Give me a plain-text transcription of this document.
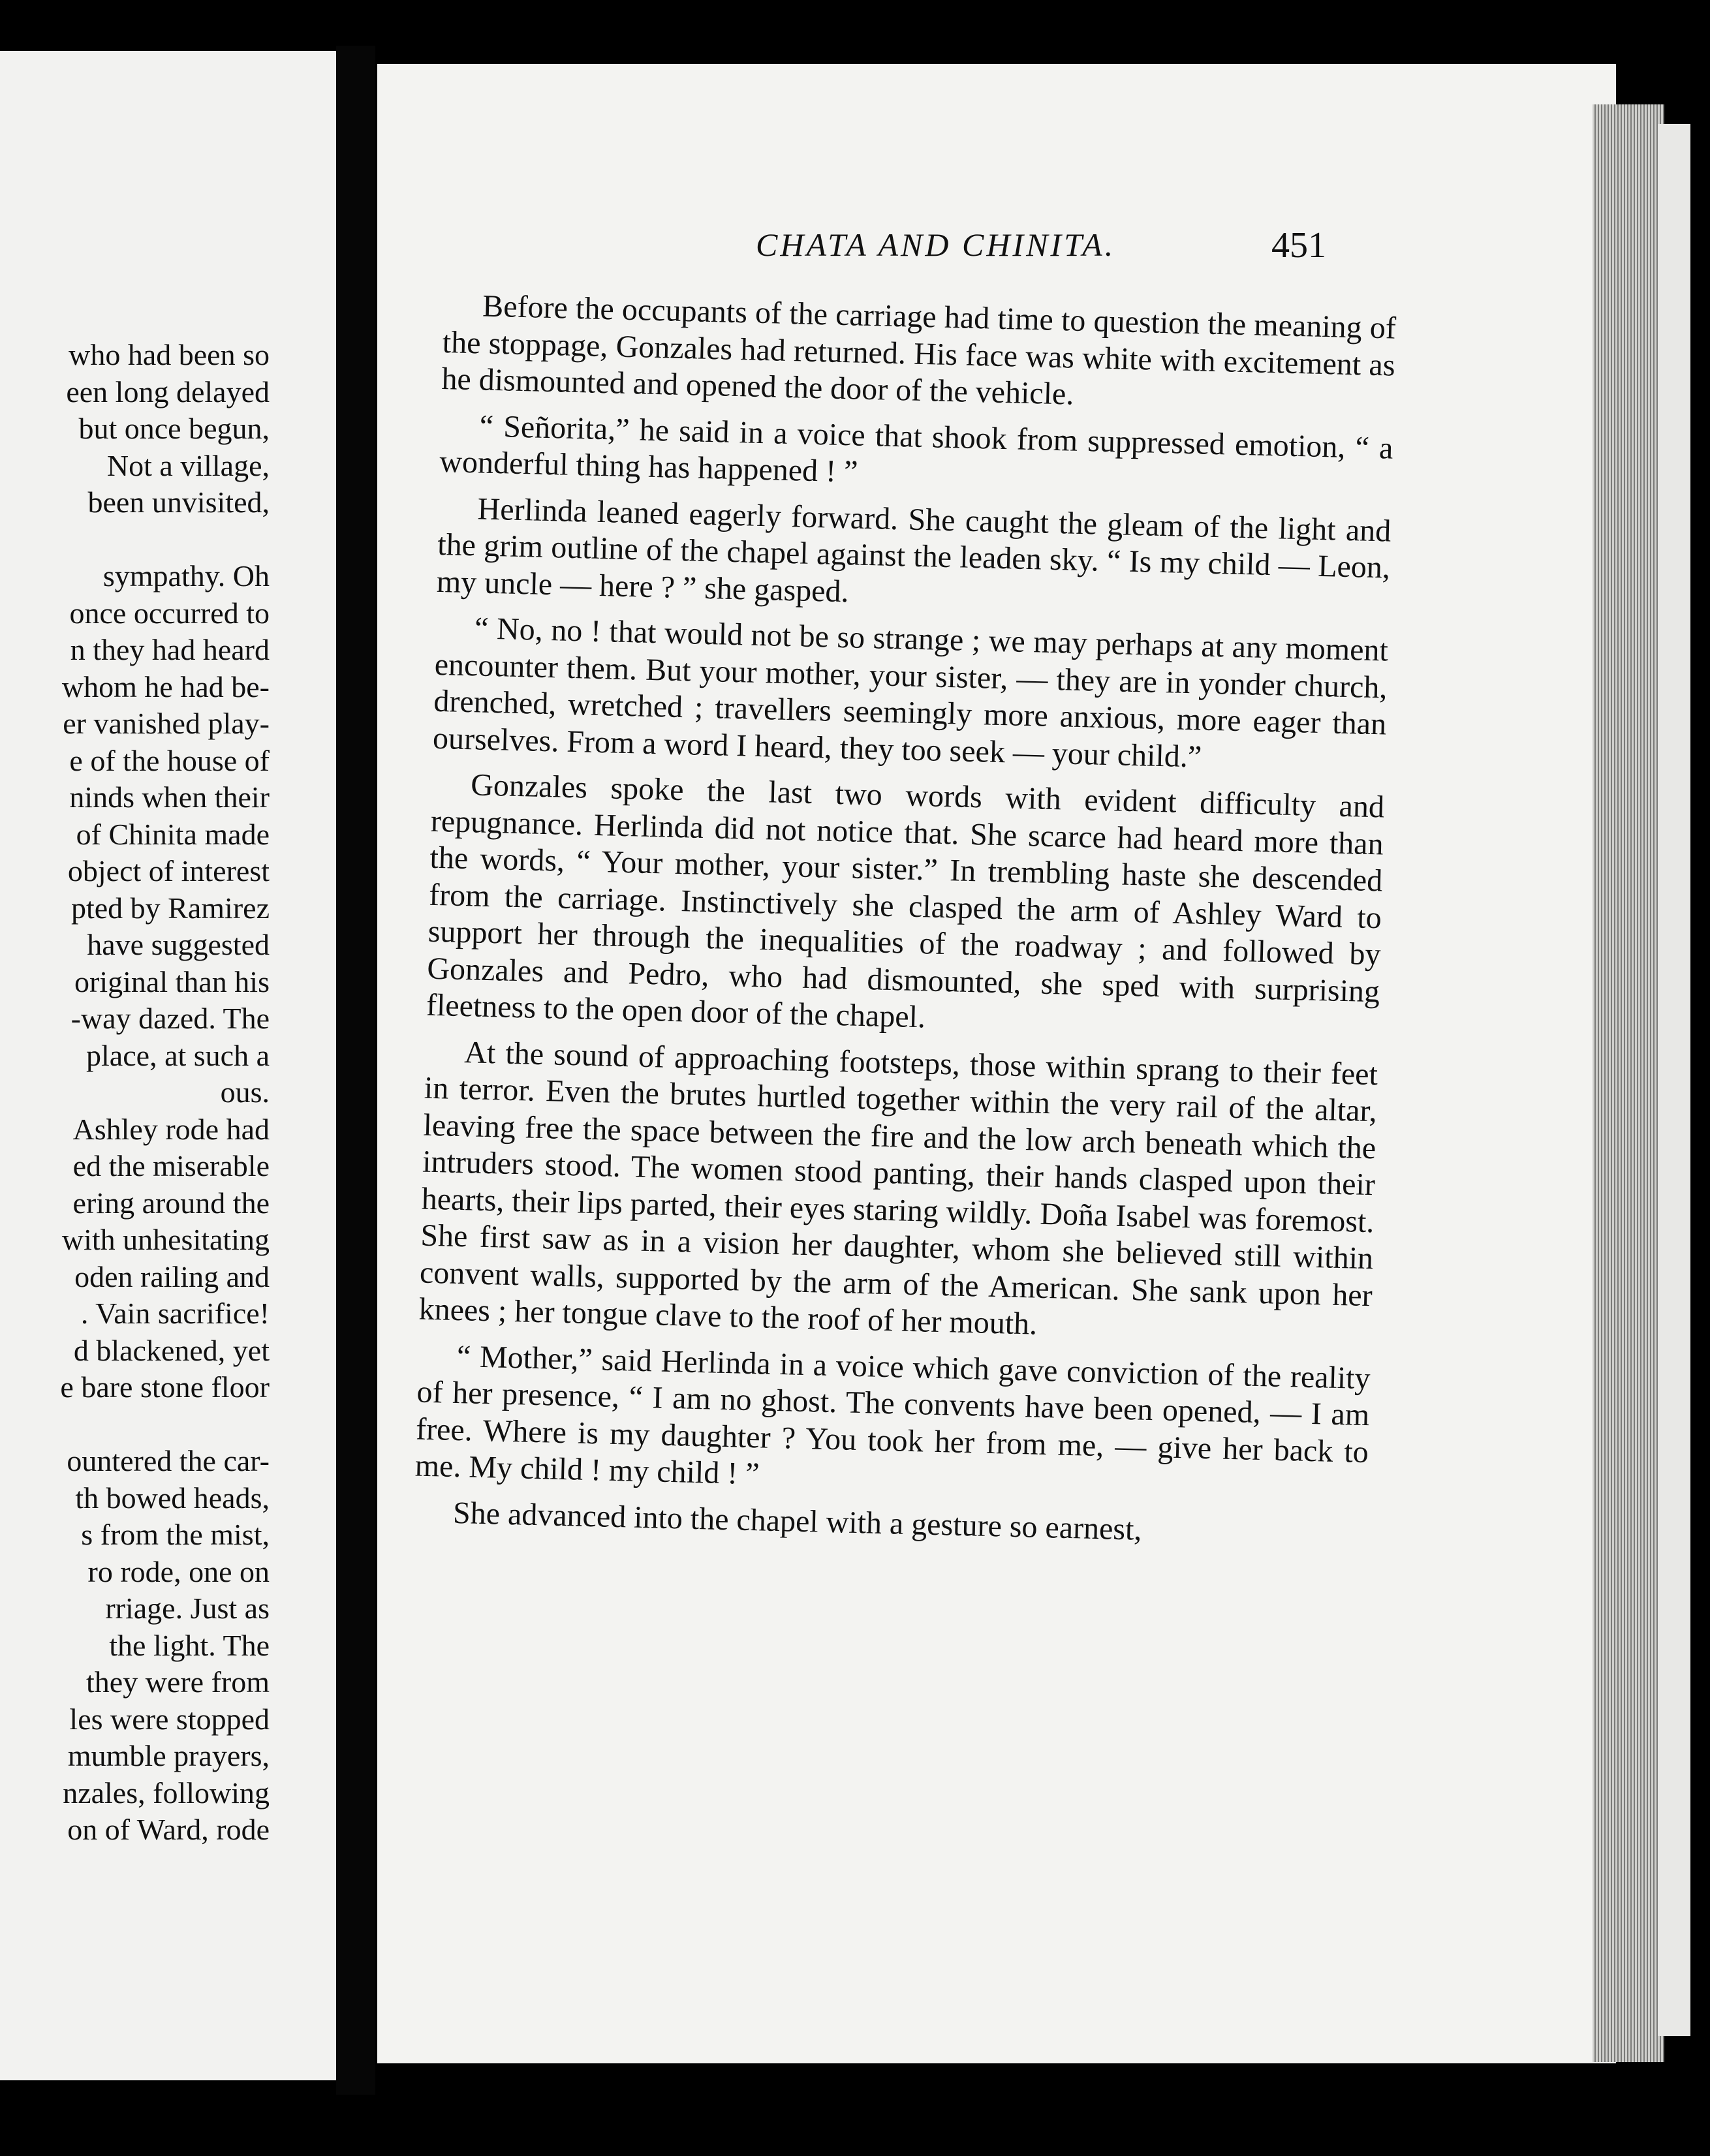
who had been so
een long delayed
but once begun,
Not a village,
been unvisited,
sympathy. Oh
once occurred to
n they had heard
whom he had be-
er vanished play-
e of the house of
ninds when their
of Chinita made
object of interest
pted by Ramirez
have suggested
original than his
-way dazed. The
place, at such a
ous.
Ashley rode had
ed the miserable
ering around the
with unhesitating
oden railing and
. Vain sacrifice!
d blackened, yet
e bare stone floor
ountered the car-
th bowed heads,
s from the mist,
ro rode, one on
rriage. Just as
the light. The
they were from
les were stopped
mumble prayers,
nzales, following
on of Ward, rode
CHATA AND CHINITA.	451

Before the occupants of the carriage had time to question the meaning of the stoppage, Gonzales had returned. His face was white with excitement as he dismounted and opened the door of the vehicle.

“ Señorita,” he said in a voice that shook from suppressed emotion, “ a wonderful thing has happened ! ”

Herlinda leaned eagerly forward. She caught the gleam of the light and the grim outline of the chapel against the leaden sky. “ Is my child — Leon, my uncle — here ? ” she gasped.

“ No, no ! that would not be so strange ; we may perhaps at any moment encounter them. But your mother, your sister, — they are in yonder church, drenched, wretched ; travellers seemingly more anxious, more eager than ourselves. From a word I heard, they too seek — your child.”

Gonzales spoke the last two words with evident difficulty and repugnance. Herlinda did not notice that. She scarce had heard more than the words, “ Your mother, your sister.” In trembling haste she descended from the carriage. Instinctively she clasped the arm of Ashley Ward to support her through the inequalities of the roadway ; and followed by Gonzales and Pedro, who had dismounted, she sped with surprising fleetness to the open door of the chapel.

At the sound of approaching footsteps, those within sprang to their feet in terror. Even the brutes hurtled together within the very rail of the altar, leaving free the space between the fire and the low arch beneath which the intruders stood. The women stood panting, their hands clasped upon their hearts, their lips parted, their eyes staring wildly. Doña Isabel was foremost. She first saw as in a vision her daughter, whom she believed still within convent walls, supported by the arm of the American. She sank upon her knees ; her tongue clave to the roof of her mouth.

“ Mother,” said Herlinda in a voice which gave conviction of the reality of her presence, “ I am no ghost. The convents have been opened, — I am free. Where is my daughter ? You took her from me, — give her back to me. My child ! my child ! ”

She advanced into the chapel with a gesture so earnest,
